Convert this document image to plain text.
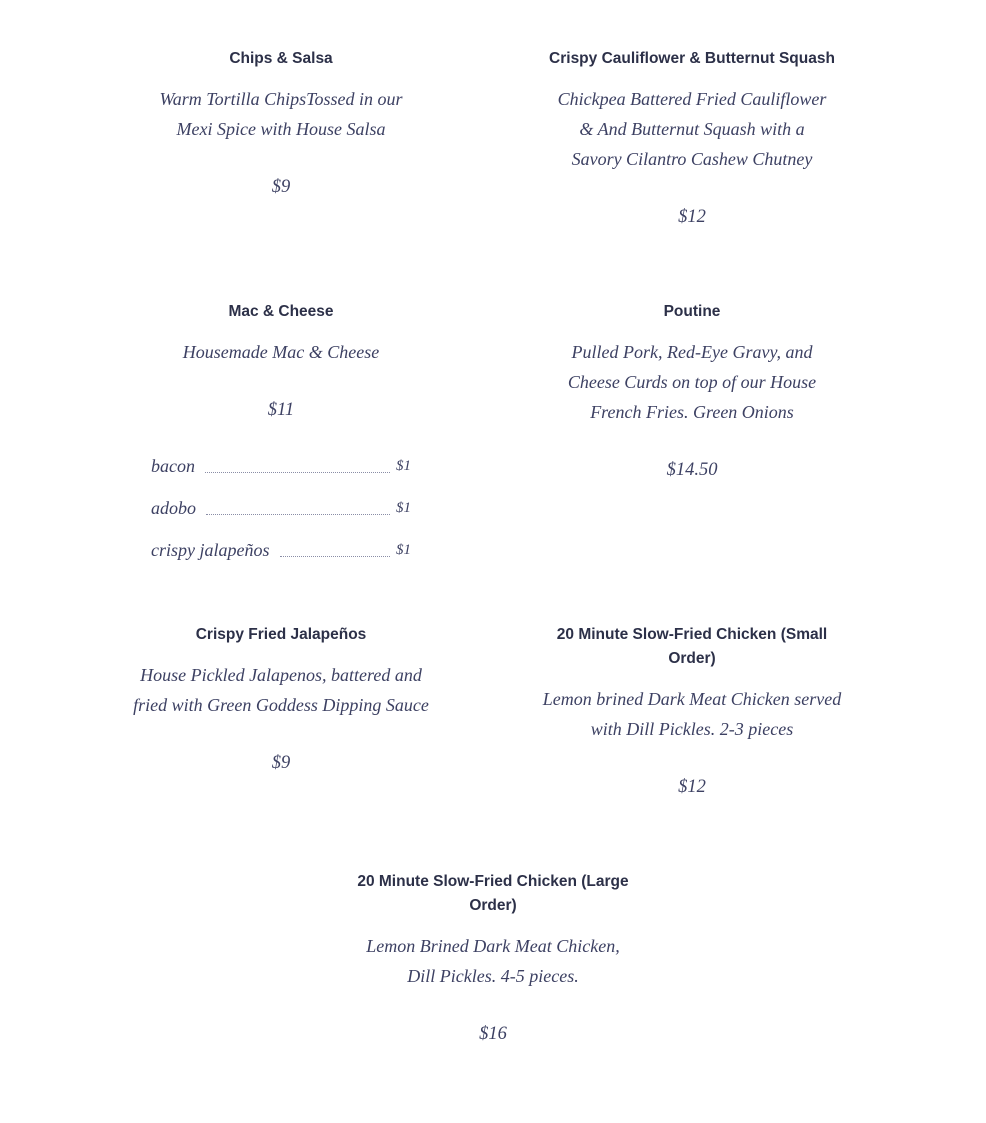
Chips & Salsa

Warm Tortilla ChipsTossed in our Mexi Spice with House Salsa

$9

Crispy Cauliflower & Butternut Squash

Chickpea Battered Fried Cauliflower & And Butternut Squash with a Savory Cilantro Cashew Chutney

$12

Mac & Cheese

Housemade Mac & Cheese

$11

bacon	$1
adobo	$1
crispy jalapeños	$1

Poutine

Pulled Pork, Red-Eye Gravy, and Cheese Curds on top of our House French Fries. Green Onions

$14.50

Crispy Fried Jalapeños

House Pickled Jalapenos, battered and fried with Green Goddess Dipping Sauce

$9

20 Minute Slow-Fried Chicken (Small Order)

Lemon brined Dark Meat Chicken served with Dill Pickles. 2-3 pieces

$12

20 Minute Slow-Fried Chicken (Large Order)

Lemon Brined Dark Meat Chicken, Dill Pickles. 4-5 pieces.

$16
